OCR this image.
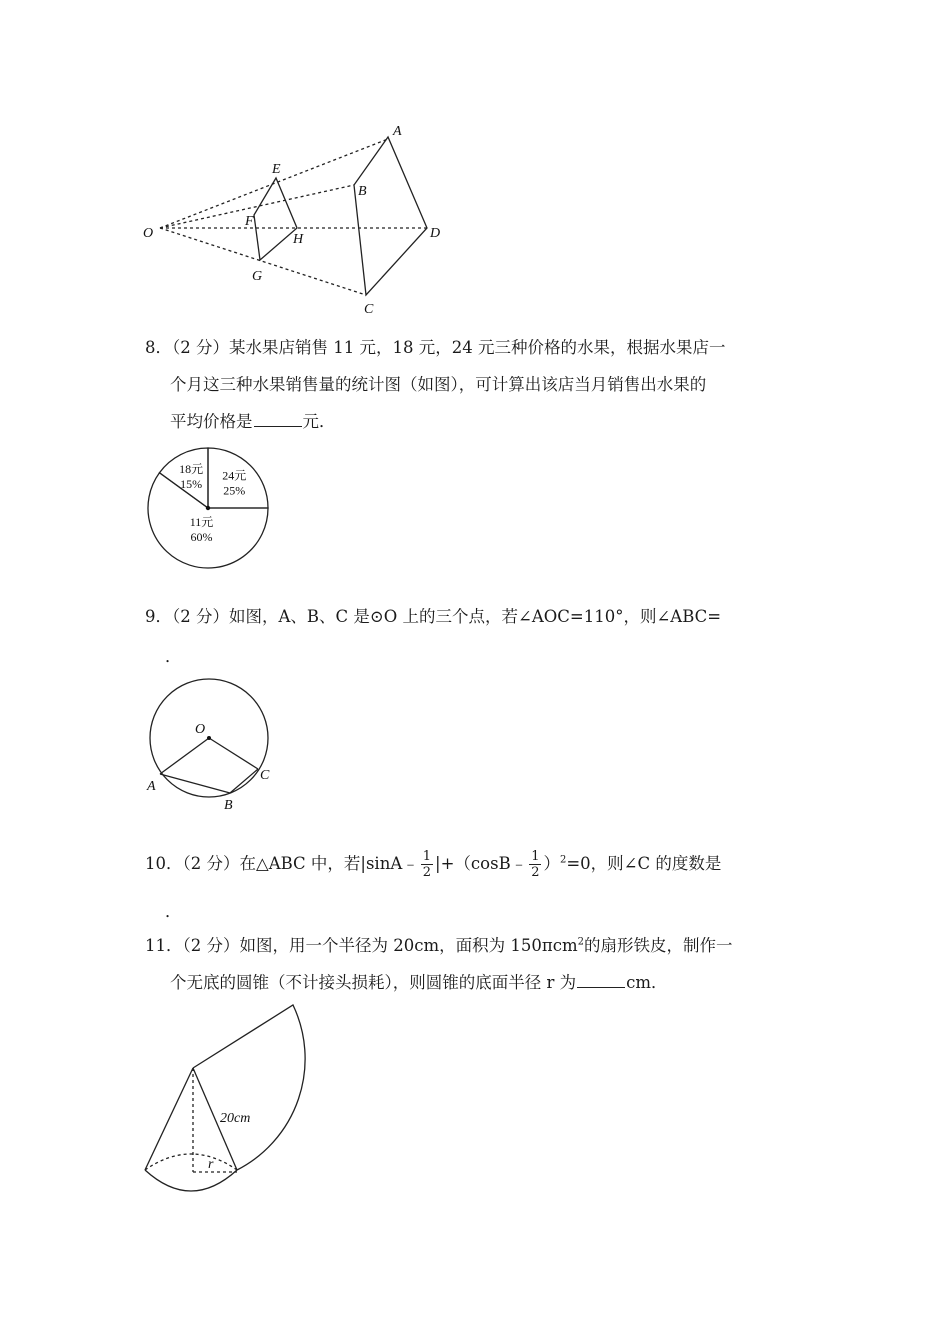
A
B
C
D
E
F
G
H
O
8．（2 分）某水果店销售 11 元，18 元，24 元三种价格的水果，根据水果店一
个月这三种水果销售量的统计图（如图），可计算出该店当月销售出水果的
平均价格是	元．
24元
25%
11元
60%
18元
15%
9．（2 分）如图，A、B、C 是⊙O 上的三个点，若∠AOC=110°，则∠ABC=
．
O
A
B
C
10．（2 分）在△ABC 中，若|sinA﹣ $\frac{1}{2}$ |+（cosB﹣ $\frac{1}{2} )^2=0$，则∠C 的度数是
．
11．（2 分）如图，用一个半径为 20cm，面积为 150πcm$^2$的扇形铁皮，制作一
个无底的圆锥（不计接头损耗），则圆锥的底面半径 r 为	cm．
20cm
r
